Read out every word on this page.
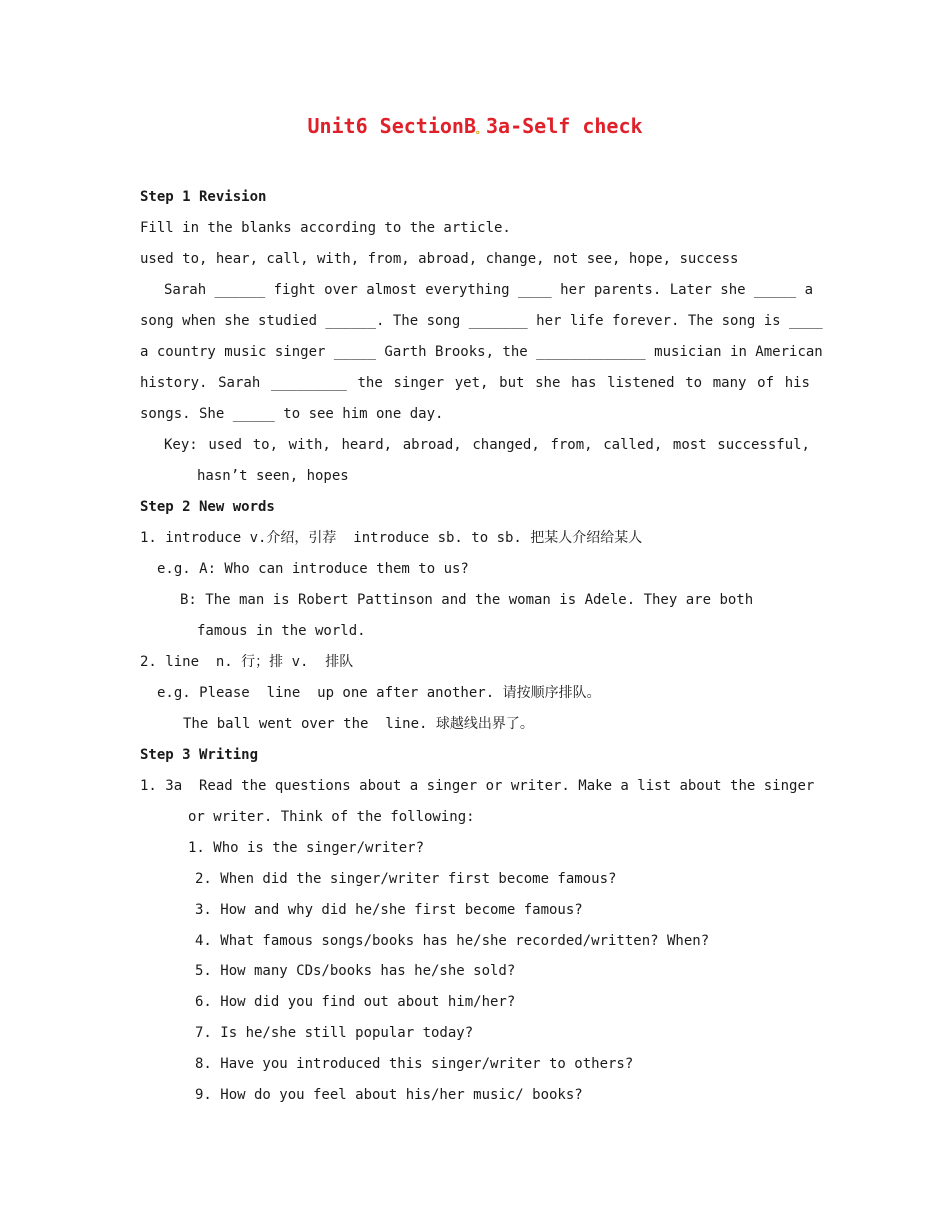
Unit6 SectionB。3a-Self check
Step 1 Revision
Fill in the blanks according to the article.
used to, hear, call, with, from, abroad, change, not see, hope, success
Sarah ______ fight over almost everything ____ her parents. Later she _____ a
song when she studied ______. The song _______ her life forever. The song is ____
a country music singer _____ Garth Brooks, the _____________ musician in American
history. Sarah _________ the singer yet, but she has listened to many of his
songs. She _____ to see him one day.
Key: used to, with, heard, abroad, changed, from, called, most successful,
hasn’t seen, hopes
Step 2 New words
1. introduce v.介绍，引荐  introduce sb. to sb. 把某人介绍给某人
e.g. A: Who can introduce them to us?
B: The man is Robert Pattinson and the woman is Adele. They are both
famous in the world.
2. line  n. 行；排 v.  排队
e.g. Please  line  up one after another. 请按顺序排队。
The ball went over the  line. 球越线出界了。
Step 3 Writing
1. 3a  Read the questions about a singer or writer. Make a list about the singer
or writer. Think of the following:
1. Who is the singer/writer?
2. When did the singer/writer first become famous?
3. How and why did he/she first become famous?
4. What famous songs/books has he/she recorded/written? When?
5. How many CDs/books has he/she sold?
6. How did you find out about him/her?
7. Is he/she still popular today?
8. Have you introduced this singer/writer to others?
9. How do you feel about his/her music/ books?
